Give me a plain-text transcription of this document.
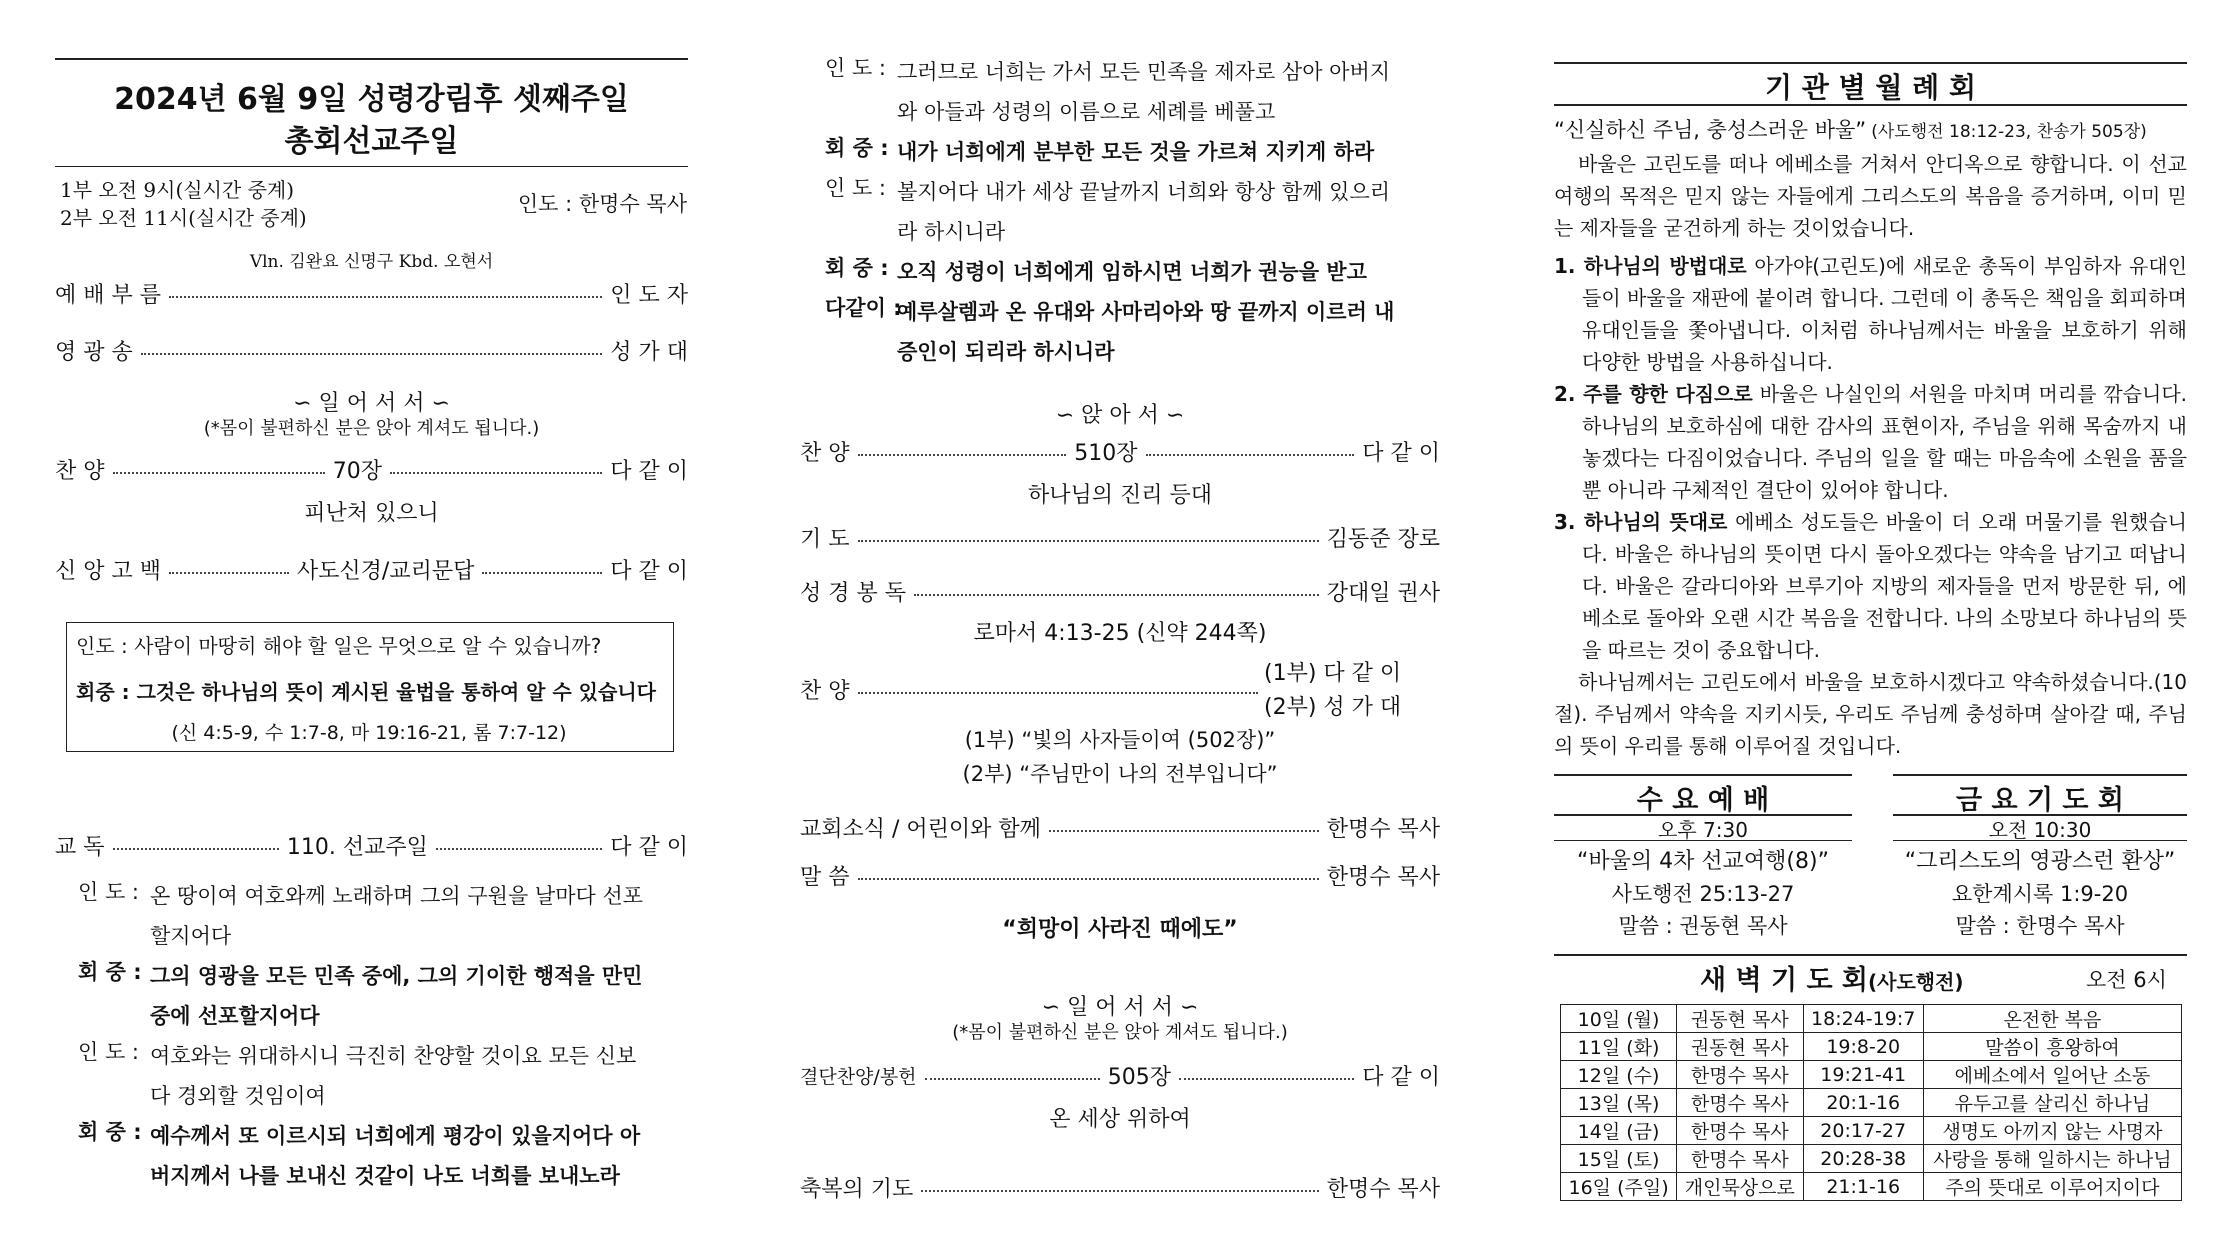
2024년 6월 9일 성령강림후 셋째주일
총회선교주일
1부 오전 9시(실시간 중계)
2부 오전 11시(실시간 중계)
인도 : 한명수 목사
Vln. 김완요 신명구 Kbd. 오현서
예 배 부 름	인 도 자
영 광 송	성 가 대
∽ 일 어 서 서 ∽
(*몸이 불편하신 분은 앉아 계셔도 됩니다.)
찬 양	70장	다 같 이
피난처 있으니
신 앙 고 백	사도신경/교리문답	다 같 이
인도 : 사람이 마땅히 해야 할 일은 무엇으로 알 수 있습니까?
회중 : 그것은 하나님의 뜻이 계시된 율법을 통하여 알 수 있습니다
(신 4:5-9, 수 1:7-8, 마 19:16-21, 롬 7:7-12)
교 독	110. 선교주일	다 같 이
인 도 : 온 땅이여 여호와께 노래하며 그의 구원을 날마다 선포할지어다
회 중 : 그의 영광을 모든 민족 중에, 그의 기이한 행적을 만민 중에 선포할지어다
인 도 : 여호와는 위대하시니 극진히 찬양할 것이요 모든 신보다 경외할 것임이여
회 중 : 예수께서 또 이르시되 너희에게 평강이 있을지어다 아버지께서 나를 보내신 것같이 나도 너희를 보내노라
인 도 : 그러므로 너희는 가서 모든 민족을 제자로 삼아 아버지와 아들과 성령의 이름으로 세례를 베풀고
회 중 : 내가 너희에게 분부한 모든 것을 가르쳐 지키게 하라
인 도 : 볼지어다 내가 세상 끝날까지 너희와 항상 함께 있으리라 하시니라
회 중 : 오직 성령이 너희에게 임하시면 너희가 권능을 받고
다같이 :
예루살렘과 온 유대와 사마리아와 땅 끝까지 이르러 내 증인이 되리라 하시니라
∽ 앉 아 서 ∽
찬 양	510장	다 같 이
하나님의 진리 등대
기 도	김동준 장로
성 경 봉 독	강대일 권사
로마서 4:13-25 (신약 244쪽)
찬 양
(1부) 다 같 이
(2부) 성 가 대
(1부) “빛의 사자들이여 (502장)”
(2부) “주님만이 나의 전부입니다”
교회소식 / 어린이와 함께	한명수 목사
말 씀	한명수 목사
“희망이 사라진 때에도”
∽ 일 어 서 서 ∽
(*몸이 불편하신 분은 앉아 계셔도 됩니다.)
결단찬양/봉헌	505장	다 같 이
온 세상 위하여
축복의 기도	한명수 목사
기 관 별 월 례 회
“신실하신 주님, 충성스러운 바울” (사도행전 18:12-23, 찬송가 505장)
바울은 고린도를 떠나 에베소를 거쳐서 안디옥으로 향합니다. 이 선교여행의 목적은 믿지 않는 자들에게 그리스도의 복음을 증거하며, 이미 믿는 제자들을 굳건하게 하는 것이었습니다.
1. 하나님의 방법대로 아가야(고린도)에 새로운 총독이 부임하자 유대인들이 바울을 재판에 붙이려 합니다. 그런데 이 총독은 책임을 회피하며 유대인들을 쫓아냅니다. 이처럼 하나님께서는 바울을 보호하기 위해 다양한 방법을 사용하십니다.
2. 주를 향한 다짐으로 바울은 나실인의 서원을 마치며 머리를 깎습니다. 하나님의 보호하심에 대한 감사의 표현이자, 주님을 위해 목숨까지 내놓겠다는 다짐이었습니다. 주님의 일을 할 때는 마음속에 소원을 품을 뿐 아니라 구체적인 결단이 있어야 합니다.
3. 하나님의 뜻대로 에베소 성도들은 바울이 더 오래 머물기를 원했습니다. 바울은 하나님의 뜻이면 다시 돌아오겠다는 약속을 남기고 떠납니다. 바울은 갈라디아와 브루기아 지방의 제자들을 먼저 방문한 뒤, 에베소로 돌아와 오랜 시간 복음을 전합니다. 나의 소망보다 하나님의 뜻을 따르는 것이 중요합니다.
하나님께서는 고린도에서 바울을 보호하시겠다고 약속하셨습니다.(10절). 주님께서 약속을 지키시듯, 우리도 주님께 충성하며 살아갈 때, 주님의 뜻이 우리를 통해 이루어질 것입니다.
수 요 예 배
오후 7:30
“바울의 4차 선교여행(8)”
사도행전 25:13-27
말씀 : 권동현 목사
금 요 기 도 회
오전 10:30
“그리스도의 영광스런 환상”
요한계시록 1:9-20
말씀 : 한명수 목사
새 벽 기 도 회(사도행전)	오전 6시
10일 (월)	권동현 목사	18:24-19:7	온전한 복음
11일 (화)	권동현 목사	19:8-20	말씀이 흥왕하여
12일 (수)	한명수 목사	19:21-41	에베소에서 일어난 소동
13일 (목)	한명수 목사	20:1-16	유두고를 살리신 하나님
14일 (금)	한명수 목사	20:17-27	생명도 아끼지 않는 사명자
15일 (토)	한명수 목사	20:28-38	사랑을 통해 일하시는 하나님
16일 (주일)	개인묵상으로	21:1-16	주의 뜻대로 이루어지이다
